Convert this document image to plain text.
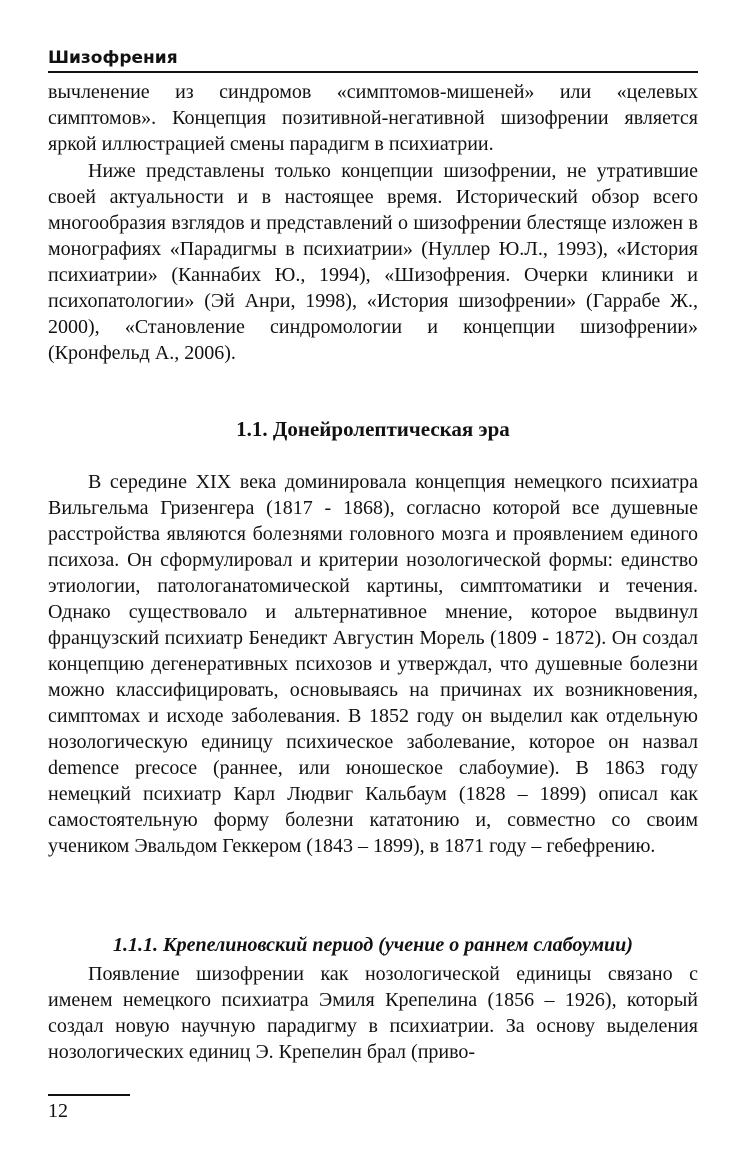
Шизофрения

вычленение из синдромов «симптомов-мишеней» или «целевых симптомов». Концепция позитивной-негативной шизофрении является яркой иллюстрацией смены парадигм в психиатрии.

Ниже представлены только концепции шизофрении, не утратившие своей актуальности и в настоящее время. Исторический обзор всего многообразия взглядов и представлений о шизофрении блестяще изложен в монографиях «Парадигмы в психиатрии» (Нуллер Ю.Л., 1993), «История психиатрии» (Каннабих Ю., 1994), «Шизофрения. Очерки клиники и психопатологии» (Эй Анри, 1998), «История шизофрении» (Гаррабе Ж., 2000), «Становление синдромологии и концепции шизофрении» (Кронфельд А., 2006).

1.1. Донейролептическая эра

В середине XIX века доминировала концепция немецкого психиатра Вильгельма Гризенгера (1817 - 1868), согласно которой все душевные расстройства являются болезнями головного мозга и проявлением единого психоза. Он сформулировал и критерии нозологической формы: единство этиологии, патологанатомической картины, симптоматики и течения. Однако существовало и альтернативное мнение, которое выдвинул французский психиатр Бенедикт Августин Морель (1809 - 1872). Он создал концепцию дегенеративных психозов и утверждал, что душевные болезни можно классифицировать, основываясь на причинах их возникновения, симптомах и исходе заболевания. В 1852 году он выделил как отдельную нозологическую единицу психическое заболевание, которое он назвал demence precoce (раннее, или юношеское слабоумие). В 1863 году немецкий психиатр Карл Людвиг Кальбаум (1828 – 1899) описал как самостоятельную форму болезни кататонию и, совместно со своим учеником Эвальдом Геккером (1843 – 1899), в 1871 году – гебефрению.

1.1.1. Крепелиновский период (учение о раннем слабоумии)

Появление шизофрении как нозологической единицы связано с именем немецкого психиатра Эмиля Крепелина (1856 – 1926), который создал новую научную парадигму в психиатрии. За основу выделения нозологических единиц Э. Крепелин брал (приво-

12
